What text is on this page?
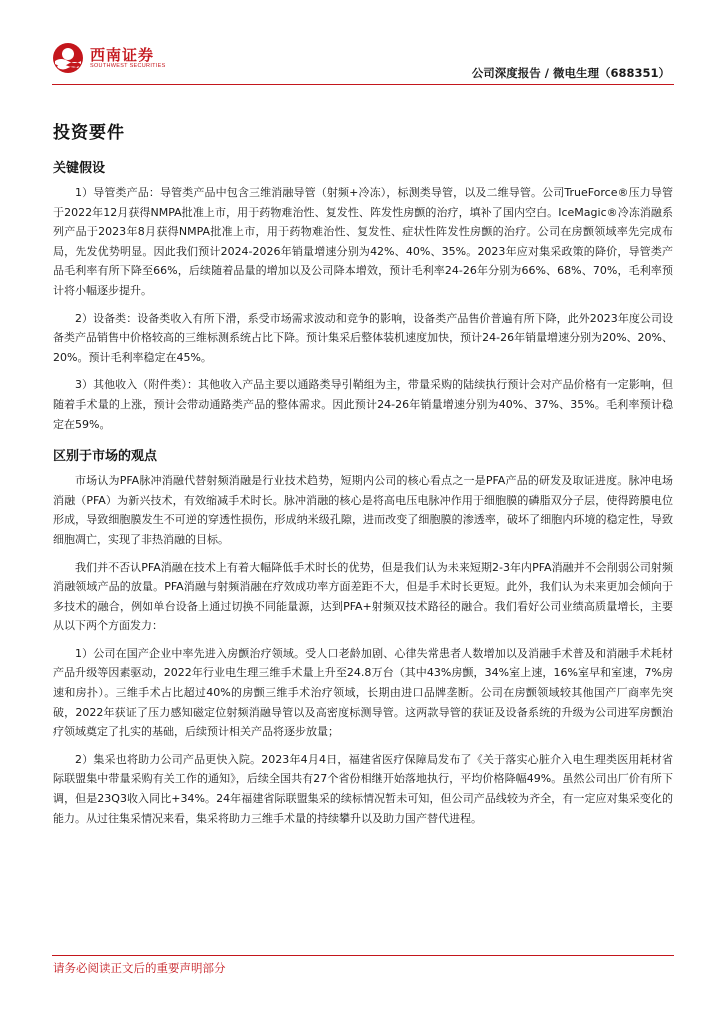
西南证券
SOUTHWEST SECURITIES	公司深度报告 / 微电生理（688351）
投资要件
关键假设

1）导管类产品：导管类产品中包含三维消融导管（射频+冷冻），标测类导管，以及二维导管。公司TrueForce®压力导管于2022年12月获得NMPA批准上市，用于药物难治性、复发性、阵发性房颤的治疗，填补了国内空白。IceMagic®冷冻消融系列产品于2023年8月获得NMPA批准上市，用于药物难治性、复发性、症状性阵发性房颤的治疗。公司在房颤领域率先完成布局，先发优势明显。因此我们预计2024-2026年销量增速分别为42%、40%、35%。2023年应对集采政策的降价，导管类产品毛利率有所下降至66%，后续随着品量的增加以及公司降本增效，预计毛利率24-26年分别为66%、68%、70%，毛利率预计将小幅逐步提升。

2）设备类：设备类收入有所下滑，系受市场需求波动和竞争的影响，设备类产品售价普遍有所下降，此外2023年度公司设备类产品销售中价格较高的三维标测系统占比下降。预计集采后整体装机速度加快，预计24-26年销量增速分别为20%、20%、20%。预计毛利率稳定在45%。

3）其他收入（附件类）：其他收入产品主要以通路类导引鞘组为主，带量采购的陆续执行预计会对产品价格有一定影响，但随着手术量的上涨，预计会带动通路类产品的整体需求。因此预计24-26年销量增速分别为40%、37%、35%。毛利率预计稳定在59%。

区别于市场的观点

市场认为PFA脉冲消融代替射频消融是行业技术趋势，短期内公司的核心看点之一是PFA产品的研发及取证进度。脉冲电场消融（PFA）为新兴技术，有效缩减手术时长。脉冲消融的核心是将高电压电脉冲作用于细胞膜的磷脂双分子层，使得跨膜电位形成，导致细胞膜发生不可逆的穿透性损伤，形成纳米级孔隙，进而改变了细胞膜的渗透率，破坏了细胞内环境的稳定性，导致细胞凋亡，实现了非热消融的目标。

我们并不否认PFA消融在技术上有着大幅降低手术时长的优势，但是我们认为未来短期2-3年内PFA消融并不会削弱公司射频消融领域产品的放量。PFA消融与射频消融在疗效成功率方面差距不大，但是手术时长更短。此外，我们认为未来更加会倾向于多技术的融合，例如单台设备上通过切换不同能量源，达到PFA+射频双技术路径的融合。我们看好公司业绩高质量增长，主要从以下两个方面发力：

1）公司在国产企业中率先进入房颤治疗领域。受人口老龄加剧、心律失常患者人数增加以及消融手术普及和消融手术耗材产品升级等因素驱动，2022年行业电生理三维手术量上升至24.8万台（其中43%房颤，34%室上速，16%室早和室速，7%房速和房扑）。三维手术占比超过40%的房颤三维手术治疗领域，长期由进口品牌垄断。公司在房颤领域较其他国产厂商率先突破，2022年获证了压力感知磁定位射频消融导管以及高密度标测导管。这两款导管的获证及设备系统的升级为公司进军房颤治疗领域奠定了扎实的基础，后续预计相关产品将逐步放量；

2）集采也将助力公司产品更快入院。2023年4月4日，福建省医疗保障局发布了《关于落实心脏介入电生理类医用耗材省际联盟集中带量采购有关工作的通知》，后续全国共有27个省份相继开始落地执行，平均价格降幅49%。虽然公司出厂价有所下调，但是23Q3收入同比+34%。24年福建省际联盟集采的续标情况暂未可知，但公司产品线较为齐全，有一定应对集采变化的能力。从过往集采情况来看，集采将助力三维手术量的持续攀升以及助力国产替代进程。

请务必阅读正文后的重要声明部分
